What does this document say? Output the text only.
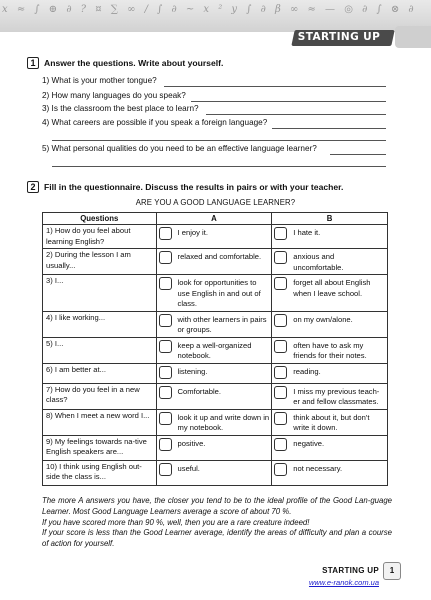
x ≈ ∫ ⊕ ∂ ? ¤ ∑ ∞ / ∫ ∂ ~ x ² y ∫ ∂ β ∞ ≈ — ◎ ∂ ∫ ⊗ ∂
STARTING UP
1 Answer the questions. Write about yourself.
1) What is your mother tongue?
2) How many languages do you speak?
3) Is the classroom the best place to learn?
4) What careers are possible if you speak a foreign language?
5) What personal qualities do you need to be an effective language learner?
2 Fill in the questionnaire. Discuss the results in pairs or with your teacher.
ARE YOU A GOOD LANGUAGE LEARNER?
Questions	A	B
1) How do you feel about learning English?	I enjoy it.	I hate it.

2) During the lesson I am usually...	relaxed and comfortable.	anxious and uncomfortable.

3) I...	look for opportunities to use English in and out of class.	forget all about English when I leave school.

4) I like working...	with other learners in pairs or groups.	on my own/alone.

5) I...	keep a well-organized notebook.	often have to ask my friends for their notes.

6) I am better at...	listening.	reading.

7) How do you feel in a new class?	Comfortable.	I miss my previous teach-er and fellow classmates.

8) When I meet a new word I...	look it up and write down in my notebook.	think about it, but don't write it down.

9) My feelings towards na-tive English speakers are...	positive.	negative.

10) I think using English out-side the class is...	useful.	not necessary.
The more A answers you have, the closer you tend to be to the ideal profile of the Good Lan-guage Learner. Most Good Language Learners average a score of about 70 %.
If you have scored more than 90 %, well, then you are a rare creature indeed!
If your score is less than the Good Learner average, identify the areas of difficulty and plan a course of action for yourself.
STARTING UP
www.e-ranok.com.ua
1
